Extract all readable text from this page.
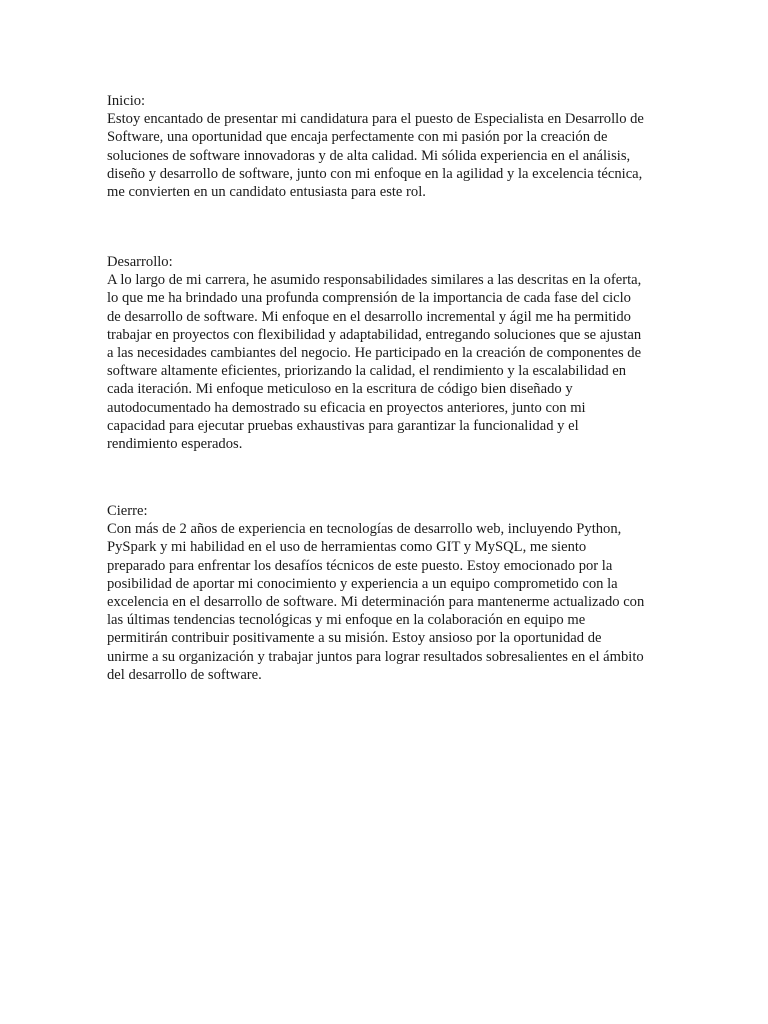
Inicio:
Estoy encantado de presentar mi candidatura para el puesto de Especialista en Desarrollo de
Software, una oportunidad que encaja perfectamente con mi pasión por la creación de
soluciones de software innovadoras y de alta calidad. Mi sólida experiencia en el análisis,
diseño y desarrollo de software, junto con mi enfoque en la agilidad y la excelencia técnica,
me convierten en un candidato entusiasta para este rol.
Desarrollo:
A lo largo de mi carrera, he asumido responsabilidades similares a las descritas en la oferta,
lo que me ha brindado una profunda comprensión de la importancia de cada fase del ciclo
de desarrollo de software. Mi enfoque en el desarrollo incremental y ágil me ha permitido
trabajar en proyectos con flexibilidad y adaptabilidad, entregando soluciones que se ajustan
a las necesidades cambiantes del negocio. He participado en la creación de componentes de
software altamente eficientes, priorizando la calidad, el rendimiento y la escalabilidad en
cada iteración. Mi enfoque meticuloso en la escritura de código bien diseñado y
autodocumentado ha demostrado su eficacia en proyectos anteriores, junto con mi
capacidad para ejecutar pruebas exhaustivas para garantizar la funcionalidad y el
rendimiento esperados.
Cierre:
Con más de 2 años de experiencia en tecnologías de desarrollo web, incluyendo Python,
PySpark y mi habilidad en el uso de herramientas como GIT y MySQL, me siento
preparado para enfrentar los desafíos técnicos de este puesto. Estoy emocionado por la
posibilidad de aportar mi conocimiento y experiencia a un equipo comprometido con la
excelencia en el desarrollo de software. Mi determinación para mantenerme actualizado con
las últimas tendencias tecnológicas y mi enfoque en la colaboración en equipo me
permitirán contribuir positivamente a su misión. Estoy ansioso por la oportunidad de
unirme a su organización y trabajar juntos para lograr resultados sobresalientes en el ámbito
del desarrollo de software.
